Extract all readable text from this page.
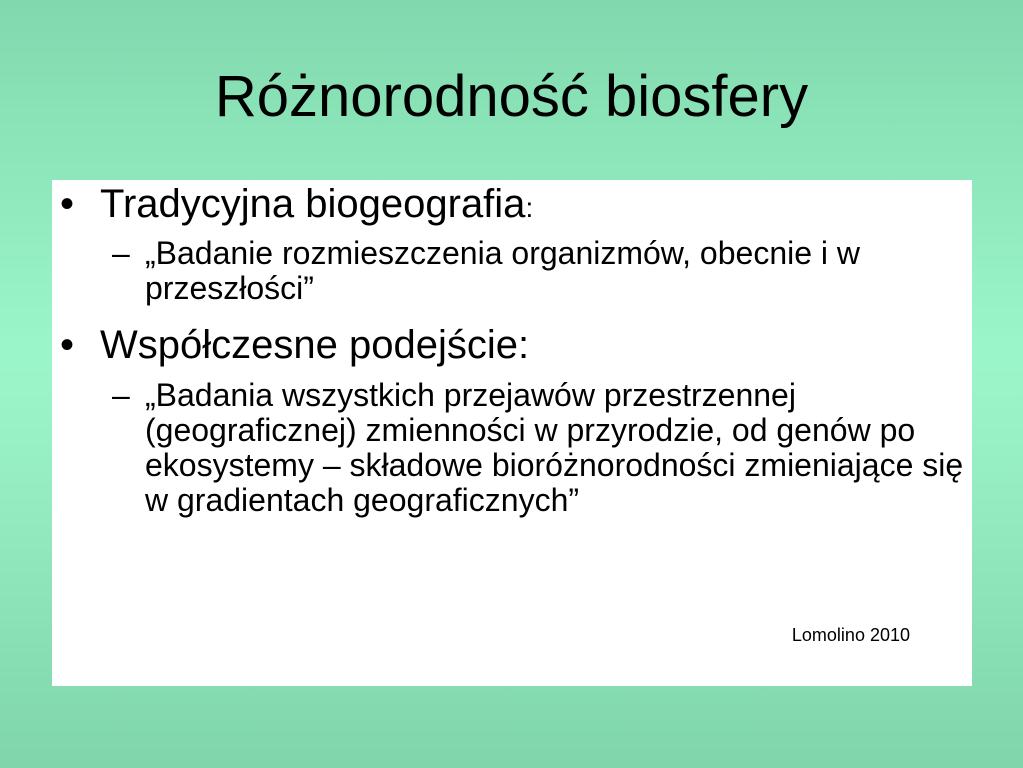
Różnorodność biosfery
• Tradycyjna biogeografia:
– „Badanie rozmieszczenia organizmów, obecnie i w przeszłości”
• Współczesne podejście:
– „Badania wszystkich przejawów przestrzennej (geograficznej) zmienności w przyrodzie, od genów po ekosystemy – składowe bioróżnorodności zmieniające się w gradientach geograficznych”
Lomolino 2010
